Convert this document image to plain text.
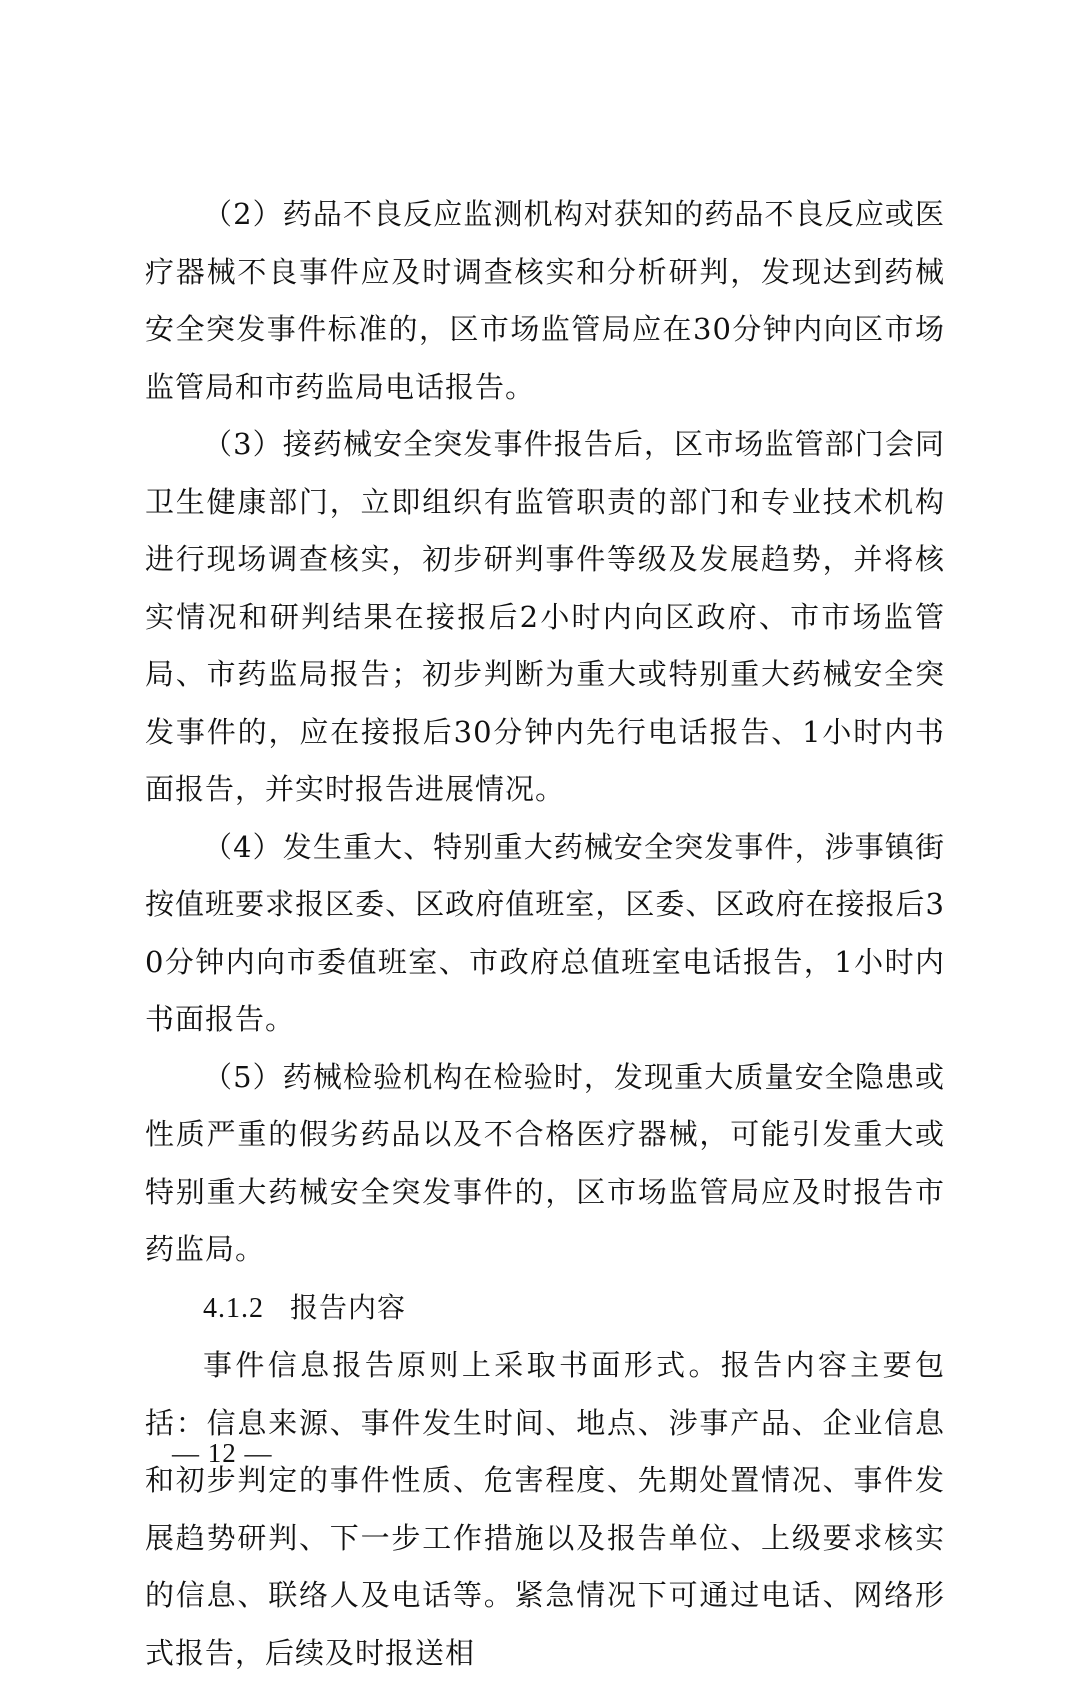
（2）药品不良反应监测机构对获知的药品不良反应或医疗器械不良事件应及时调查核实和分析研判，发现达到药械安全突发事件标准的，区市场监管局应在30分钟内向区市场监管局和市药监局电话报告。

（3）接药械安全突发事件报告后，区市场监管部门会同卫生健康部门，立即组织有监管职责的部门和专业技术机构进行现场调查核实，初步研判事件等级及发展趋势，并将核实情况和研判结果在接报后2小时内向区政府、市市场监管局、市药监局报告；初步判断为重大或特别重大药械安全突发事件的，应在接报后30分钟内先行电话报告、1小时内书面报告，并实时报告进展情况。

（4）发生重大、特别重大药械安全突发事件，涉事镇街按值班要求报区委、区政府值班室，区委、区政府在接报后30分钟内向市委值班室、市政府总值班室电话报告，1小时内书面报告。

（5）药械检验机构在检验时，发现重大质量安全隐患或性质严重的假劣药品以及不合格医疗器械，可能引发重大或特别重大药械安全突发事件的，区市场监管局应及时报告市药监局。

4.1.2 报告内容

事件信息报告原则上采取书面形式。报告内容主要包括：信息来源、事件发生时间、地点、涉事产品、企业信息和初步判定的事件性质、危害程度、先期处置情况、事件发展趋势研判、下一步工作措施以及报告单位、上级要求核实的信息、联络人及电话等。紧急情况下可通过电话、网络形式报告，后续及时报送相

— 12 —
